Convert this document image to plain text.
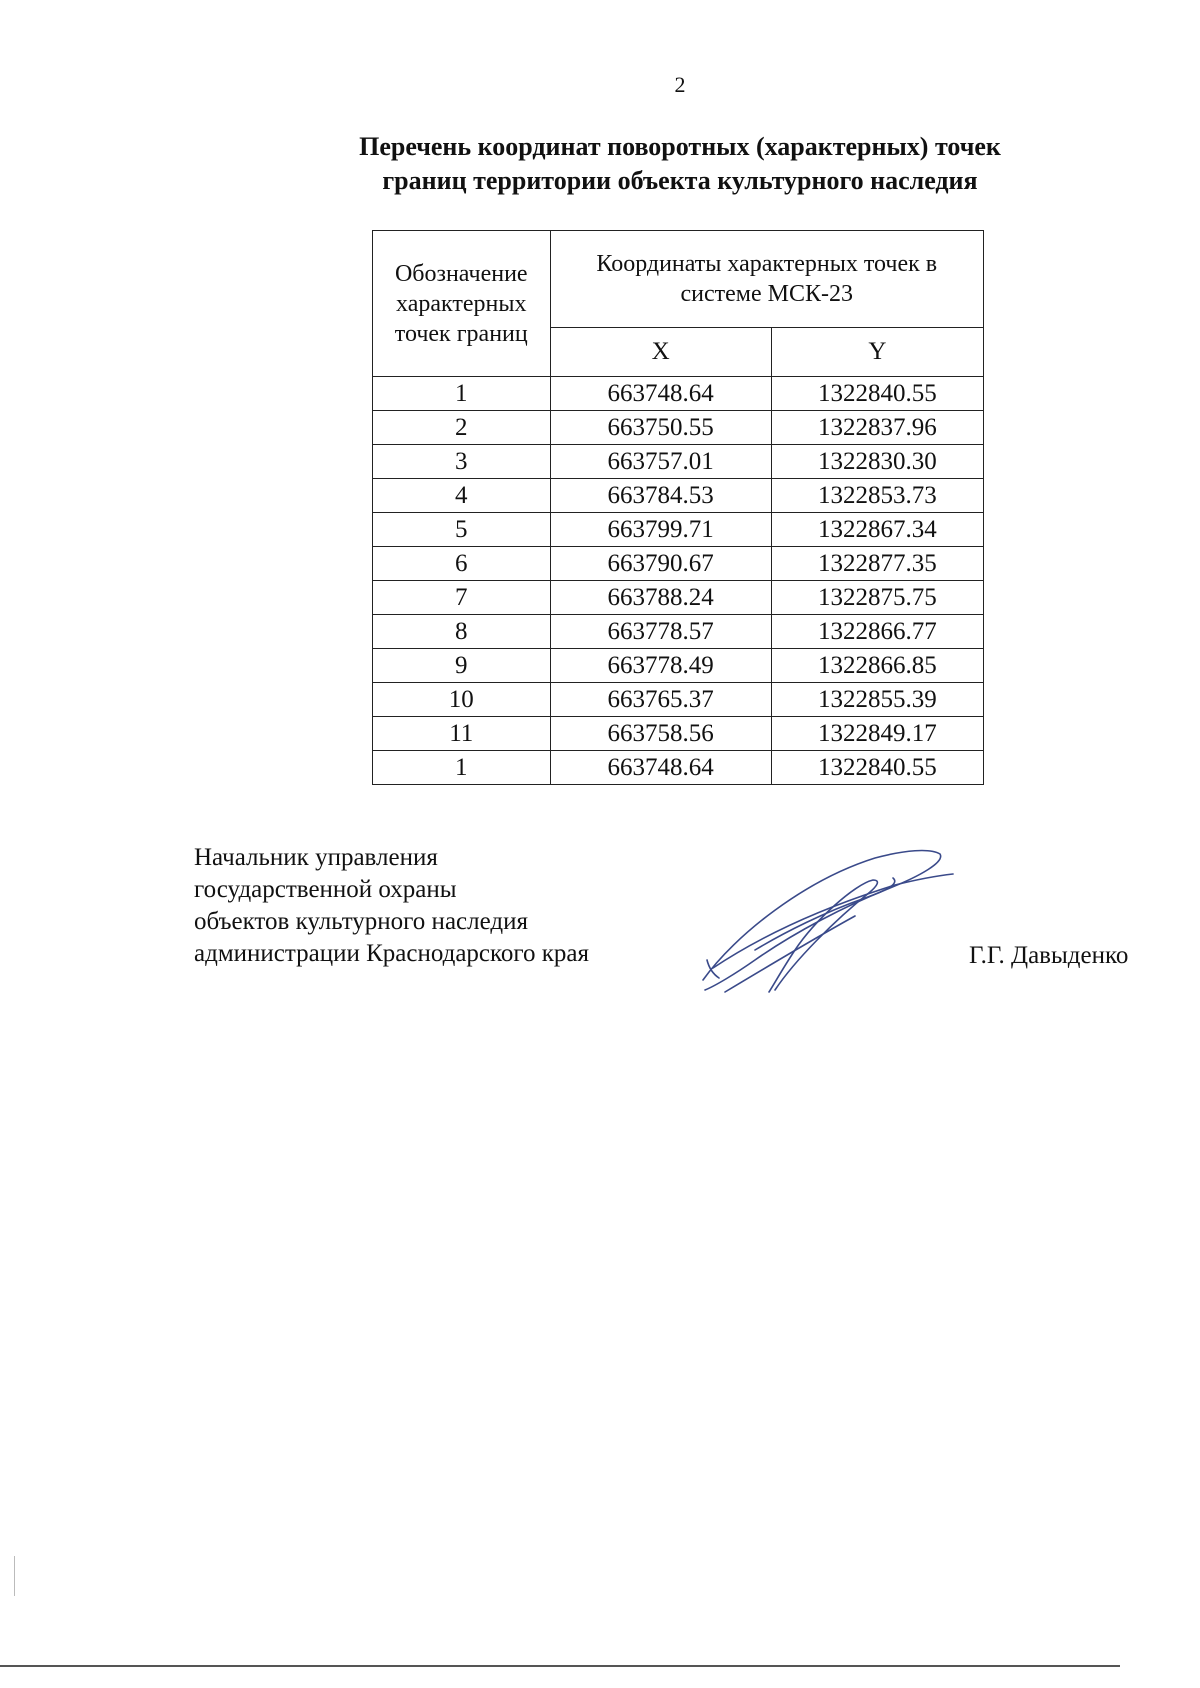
2
Перечень координат поворотных (характерных) точек
границ территории объекта культурного наследия
Обозначение характерных точек границ	Координаты характерных точек в системе МСК-23	
	X	Y
1	663748.64	1322840.55
2	663750.55	1322837.96
3	663757.01	1322830.30
4	663784.53	1322853.73
5	663799.71	1322867.34
6	663790.67	1322877.35
7	663788.24	1322875.75
8	663778.57	1322866.77
9	663778.49	1322866.85
10	663765.37	1322855.39
11	663758.56	1322849.17
1	663748.64	1322840.55
Начальник управления
государственной охраны
объектов культурного наследия
администрации Краснодарского края	Г.Г. Давыденко
